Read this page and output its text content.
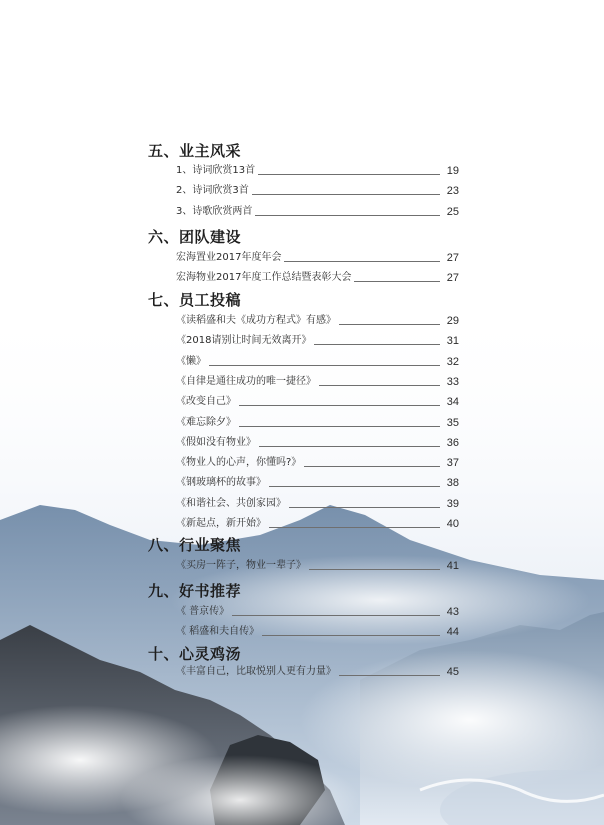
五、业主风采
1、诗词欣赏13首	19
2、诗词欣赏3首	23
3、诗歌欣赏两首	25
六、团队建设
宏海置业2017年度年会	27
宏海物业2017年度工作总结暨表彰大会	27
七、员工投稿
《读稻盛和夫《成功方程式》有感》	29
《2018请别让时间无效离开》	31
《懒》	32
《自律是通往成功的唯一捷径》	33
《改变自己》	34
《难忘除夕》	35
《假如没有物业》	36
《物业人的心声，你懂吗?》	37
《钢玻璃杯的故事》	38
《和谐社会、共创家园》	39
《新起点，新开始》	40
八、行业聚焦
《买房一阵子，物业一辈子》	41
九、好书推荐
《 普京传》	43
《 稻盛和夫自传》	44
十、心灵鸡汤
《丰富自己，比取悦别人更有力量》	45
